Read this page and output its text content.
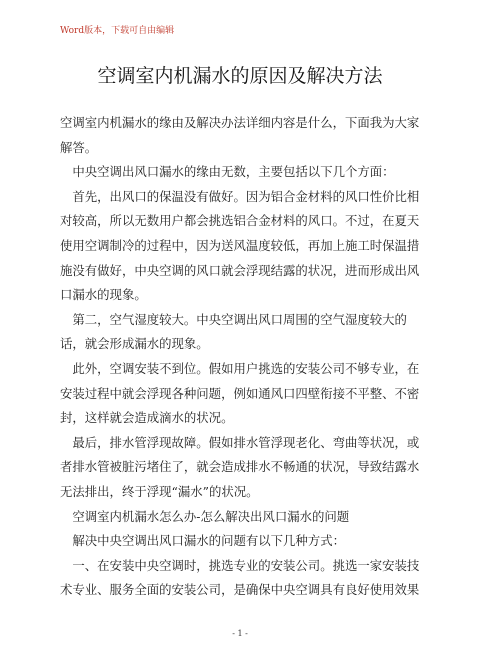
Word版本，下载可自由编辑
空调室内机漏水的原因及解决方法

空调室内机漏水的缘由及解决办法详细内容是什么，下面我为大家
解答。

　中央空调出风口漏水的缘由无数，主要包括以下几个方面：

　首先，出风口的保温没有做好。因为铝合金材料的风口性价比相
对较高，所以无数用户都会挑选铝合金材料的风口。不过，在夏天
使用空调制冷的过程中，因为送风温度较低，再加上施工时保温措
施没有做好，中央空调的风口就会浮现结露的状况，进而形成出风
口漏水的现象。

　第二，空气湿度较大。中央空调出风口周围的空气湿度较大的
话，就会形成漏水的现象。

　此外，空调安装不到位。假如用户挑选的安装公司不够专业，在
安装过程中就会浮现各种问题，例如通风口四壁衔接不平整、不密
封，这样就会造成滴水的状况。

　最后，排水管浮现故障。假如排水管浮现老化、弯曲等状况，或
者排水管被脏污堵住了，就会造成排水不畅通的状况，导致结露水
无法排出，终于浮现“漏水”的状况。

　空调室内机漏水怎么办-怎么解决出风口漏水的问题

　解决中央空调出风口漏水的问题有以下几种方式：

　一、在安装中央空调时，挑选专业的安装公司。挑选一家安装技
术专业、服务全面的安装公司，是确保中央空调具有良好使用效果

- 1 -
